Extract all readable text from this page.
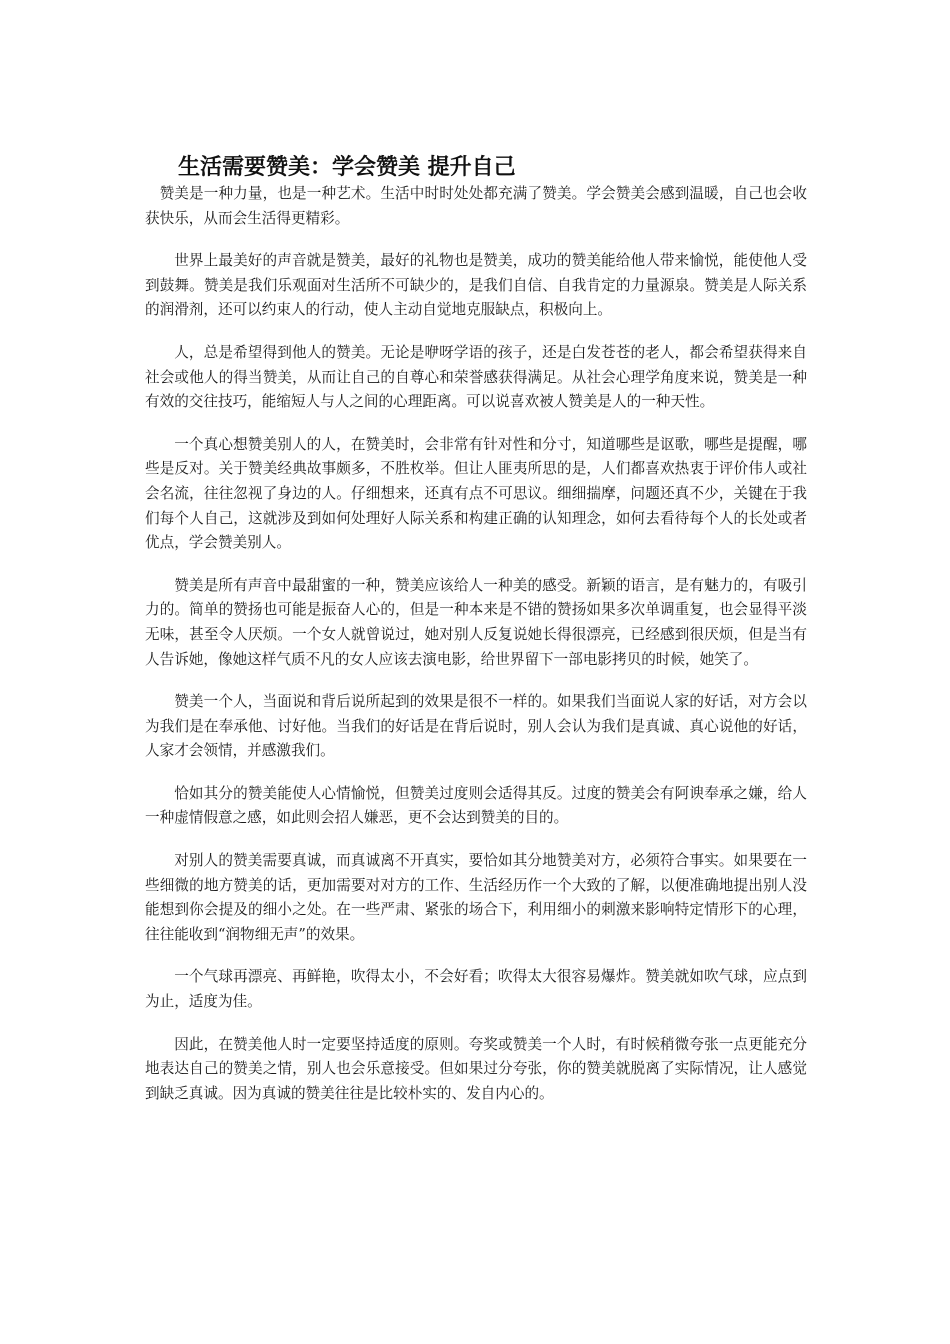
生活需要赞美：学会赞美 提升自己

赞美是一种力量，也是一种艺术。生活中时时处处都充满了赞美。学会赞美会感到温暖，自己也会收获快乐，从而会生活得更精彩。

世界上最美好的声音就是赞美，最好的礼物也是赞美，成功的赞美能给他人带来愉悦，能使他人受到鼓舞。赞美是我们乐观面对生活所不可缺少的，是我们自信、自我肯定的力量源泉。赞美是人际关系的润滑剂，还可以约束人的行动，使人主动自觉地克服缺点，积极向上。

人，总是希望得到他人的赞美。无论是咿呀学语的孩子，还是白发苍苍的老人，都会希望获得来自社会或他人的得当赞美，从而让自己的自尊心和荣誉感获得满足。从社会心理学角度来说，赞美是一种有效的交往技巧，能缩短人与人之间的心理距离。可以说喜欢被人赞美是人的一种天性。

一个真心想赞美别人的人，在赞美时，会非常有针对性和分寸，知道哪些是讴歌，哪些是提醒，哪些是反对。关于赞美经典故事颇多，不胜枚举。但让人匪夷所思的是，人们都喜欢热衷于评价伟人或社会名流，往往忽视了身边的人。仔细想来，还真有点不可思议。细细揣摩，问题还真不少，关键在于我们每个人自己，这就涉及到如何处理好人际关系和构建正确的认知理念，如何去看待每个人的长处或者优点，学会赞美别人。

赞美是所有声音中最甜蜜的一种，赞美应该给人一种美的感受。新颖的语言，是有魅力的，有吸引力的。简单的赞扬也可能是振奋人心的，但是一种本来是不错的赞扬如果多次单调重复，也会显得平淡无味，甚至令人厌烦。一个女人就曾说过，她对别人反复说她长得很漂亮，已经感到很厌烦，但是当有人告诉她，像她这样气质不凡的女人应该去演电影，给世界留下一部电影拷贝的时候，她笑了。

赞美一个人，当面说和背后说所起到的效果是很不一样的。如果我们当面说人家的好话，对方会以为我们是在奉承他、讨好他。当我们的好话是在背后说时，别人会认为我们是真诚、真心说他的好话，人家才会领情，并感激我们。

恰如其分的赞美能使人心情愉悦，但赞美过度则会适得其反。过度的赞美会有阿谀奉承之嫌，给人一种虚情假意之感，如此则会招人嫌恶，更不会达到赞美的目的。

对别人的赞美需要真诚，而真诚离不开真实，要恰如其分地赞美对方，必须符合事实。如果要在一些细微的地方赞美的话，更加需要对对方的工作、生活经历作一个大致的了解，以便准确地提出别人没能想到你会提及的细小之处。在一些严肃、紧张的场合下，利用细小的刺激来影响特定情形下的心理，往往能收到“润物细无声”的效果。

一个气球再漂亮、再鲜艳，吹得太小，不会好看；吹得太大很容易爆炸。赞美就如吹气球，应点到为止，适度为佳。

因此，在赞美他人时一定要坚持适度的原则。夸奖或赞美一个人时，有时候稍微夸张一点更能充分地表达自己的赞美之情，别人也会乐意接受。但如果过分夸张，你的赞美就脱离了实际情况，让人感觉到缺乏真诚。因为真诚的赞美往往是比较朴实的、发自内心的。
